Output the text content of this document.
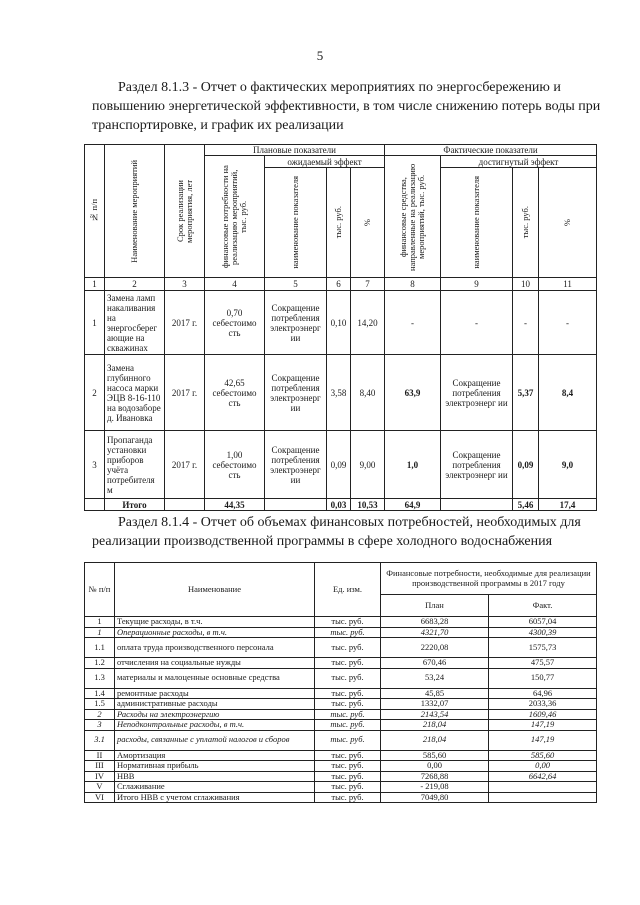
5
Раздел 8.1.3 - Отчет о фактических мероприятиях по энергосбережению и повышению энергетической эффективности, в том числе снижению потерь воды при транспортировке, и график их реализации
№ п/п	Наименование мероприятий	Срок реализации мероприятия, лет	Плановые показатели				Фактические показатели			

			финансовые потребности на реализацию мероприятий, тыс. руб.	ожидаемый эффект			финансовые средства, направленные на реализацию мероприятий, тыс. руб.	достигнутый эффект		

				наименование показателя	тыс. руб.	%		наименование показателя	тыс. руб.	%

1	2	3	4	5	6	7	8	9	10	11
1	Замена ламп накаливания на энергосберег ающие на скважинах	2017 г.	0,70 себестоимо сть	Сокращение потребления электроэнерг ии	0,10	14,20	-	-	-	-
2	Замена глубинного насоса марки ЭЦВ 8-16-110 на водозаборе д. Ивановка	2017 г.	42,65 себестоимо сть	Сокращение потребления электроэнерг ии	3,58	8,40	63,9	Сокращение потребления электроэнерг ии	5,37	8,4
3	Пропаганда установки приборов учёта потребителя м	2017 г.	1,00 себестоимо сть	Сокращение потребления электроэнерг ии	0,09	9,00	1,0	Сокращение потребления электроэнерг ии	0,09	9,0
	Итого		44,35		0,03	10,53	64,9		5,46	17,4
Раздел 8.1.4 - Отчет об объемах финансовых потребностей, необходимых для реализации производственной программы в сфере холодного водоснабжения
№ п/п	Наименование	Ед. изм.	Финансовые потребности, необходимые для реализации производственной программы в 2017 году	
			План	Факт.
1	Текущие расходы, в т.ч.	тыс. руб.	6683,28	6057,04
1	Операционные расходы, в т.ч.	тыс. руб.	4321,70	4300,39
1.1	оплата труда производственного персонала	тыс. руб.	2220,08	1575,73
1.2	отчисления на социальные нужды	тыс. руб.	670,46	475,57
1.3	материалы и малоценные основные средства	тыс. руб.	53,24	150,77
1.4	ремонтные расходы	тыс. руб.	45,85	64,96
1.5	административные расходы	тыс. руб.	1332,07	2033,36
2	Расходы на электроэнергию	тыс. руб.	2143,54	1609,46
3	Неподконтрольные расходы, в т.ч.	тыс. руб.	218,04	147,19
3.1	расходы, связанные с уплатой налогов и сборов	тыс. руб.	218,04	147,19
II	Амортизация	тыс. руб.	585,60	585,60
III	Нормативная прибыль	тыс. руб.	0,00	0,00
IV	НВВ	тыс. руб.	7268,88	6642,64
V	Сглаживание	тыс. руб.	- 219,08	
VI	Итого НВВ с учетом сглаживания	тыс. руб.	7049,80	
